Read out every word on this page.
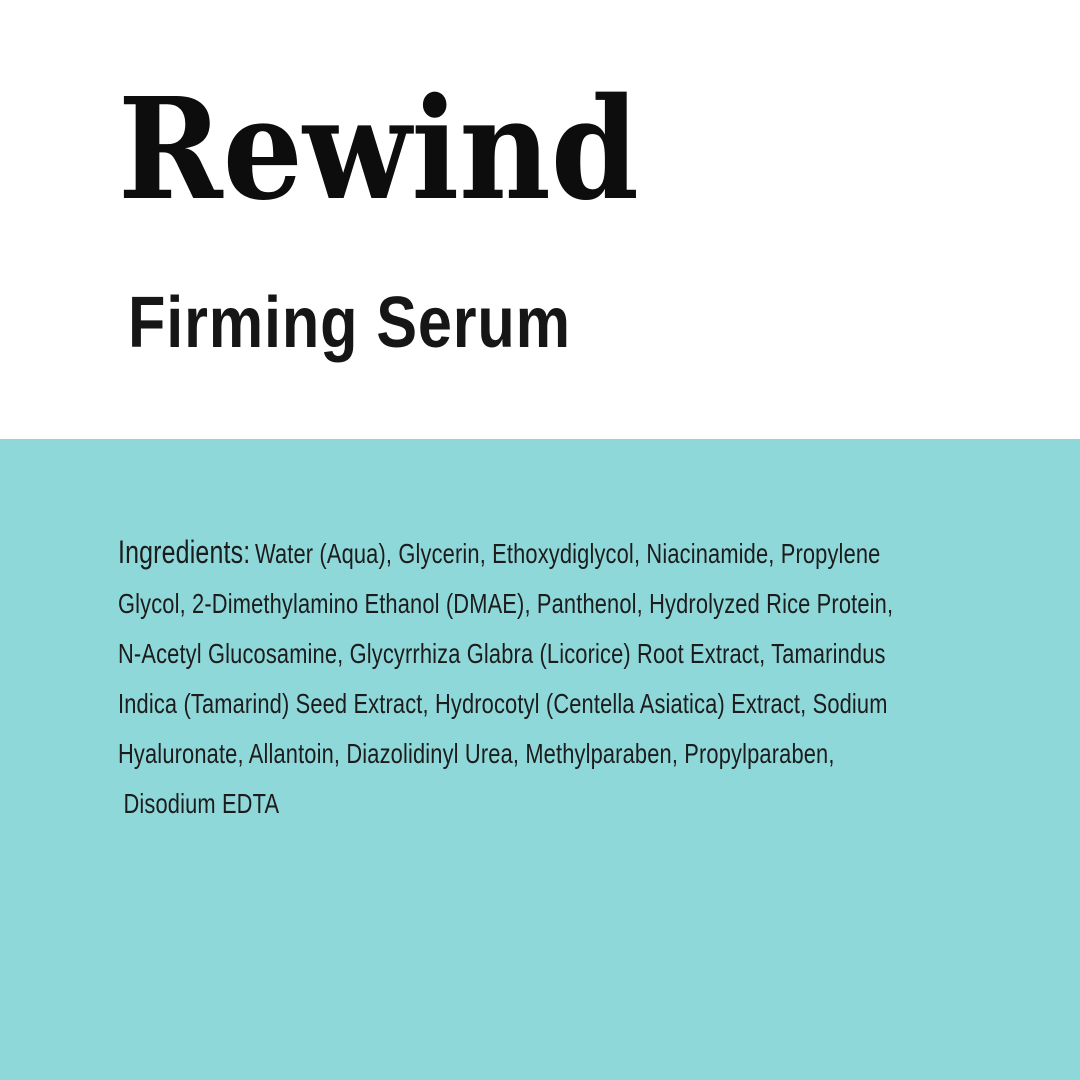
Rewind
Firming Serum

Ingredients: Water (Aqua), Glycerin, Ethoxydiglycol, Niacinamide, Propylene

Glycol, 2-Dimethylamino Ethanol (DMAE), Panthenol, Hydrolyzed Rice Protein,

N-Acetyl Glucosamine, Glycyrrhiza Glabra (Licorice) Root Extract, Tamarindus

Indica (Tamarind) Seed Extract, Hydrocotyl (Centella Asiatica) Extract, Sodium

Hyaluronate, Allantoin, Diazolidinyl Urea, Methylparaben, Propylparaben,

Disodium EDTA
